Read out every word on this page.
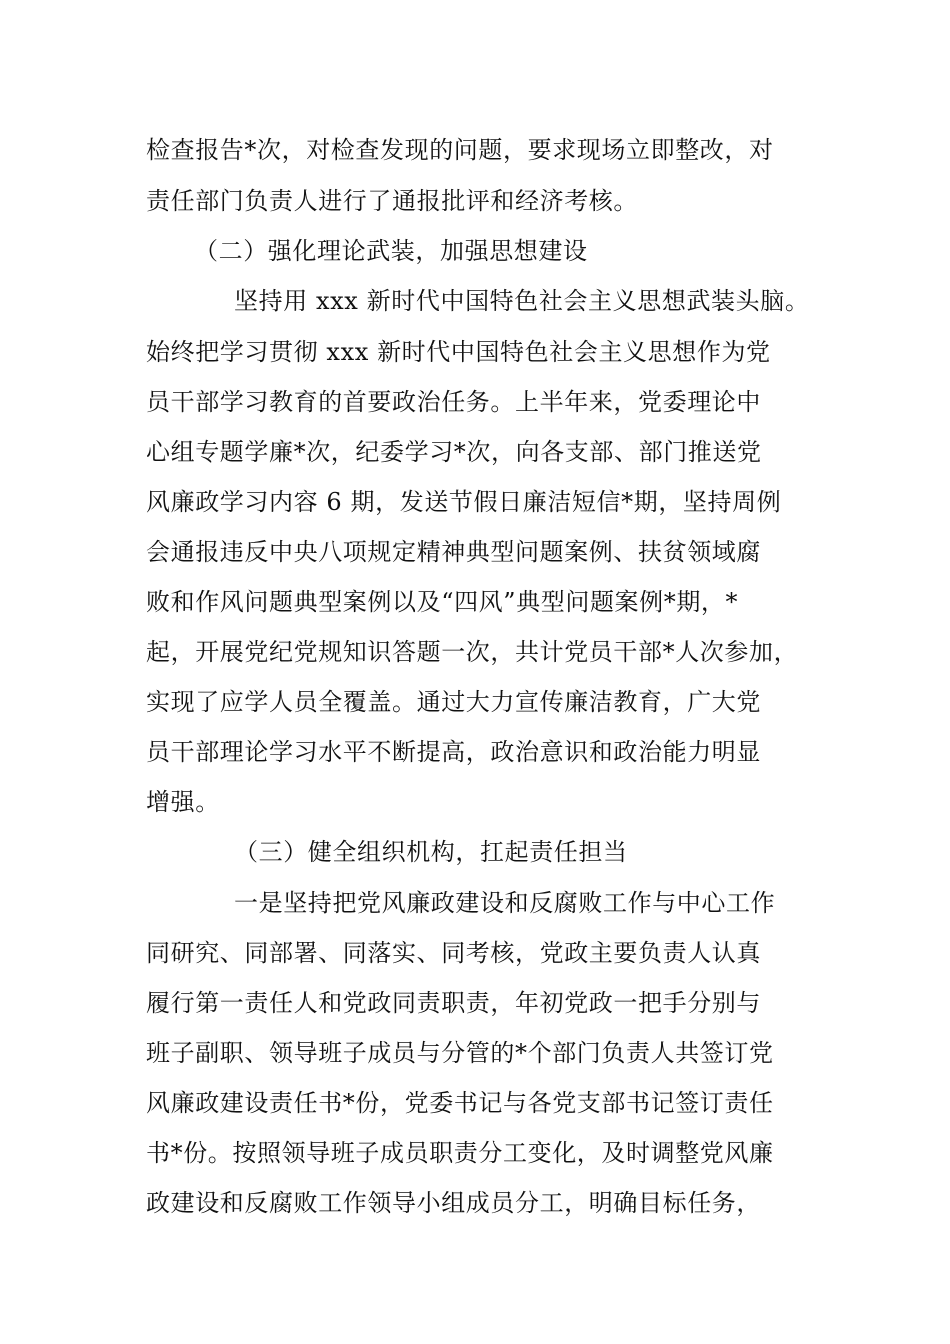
检查报告*次，对检查发现的问题，要求现场立即整改，对

责任部门负责人进行了通报批评和经济考核。

（二）强化理论武装，加强思想建设

坚持用 xxx 新时代中国特色社会主义思想武装头脑。

始终把学习贯彻 xxx 新时代中国特色社会主义思想作为党

员干部学习教育的首要政治任务。上半年来，党委理论中

心组专题学廉*次，纪委学习*次，向各支部、部门推送党

风廉政学习内容 6 期，发送节假日廉洁短信*期，坚持周例

会通报违反中央八项规定精神典型问题案例、扶贫领域腐

败和作风问题典型案例以及“四风”典型问题案例*期，*

起，开展党纪党规知识答题一次，共计党员干部*人次参加，

实现了应学人员全覆盖。通过大力宣传廉洁教育，广大党

员干部理论学习水平不断提高，政治意识和政治能力明显

增强。

（三）健全组织机构，扛起责任担当

一是坚持把党风廉政建设和反腐败工作与中心工作

同研究、同部署、同落实、同考核，党政主要负责人认真

履行第一责任人和党政同责职责，年初党政一把手分别与

班子副职、领导班子成员与分管的*个部门负责人共签订党

风廉政建设责任书*份，党委书记与各党支部书记签订责任

书*份。按照领导班子成员职责分工变化，及时调整党风廉

政建设和反腐败工作领导小组成员分工，明确目标任务，
